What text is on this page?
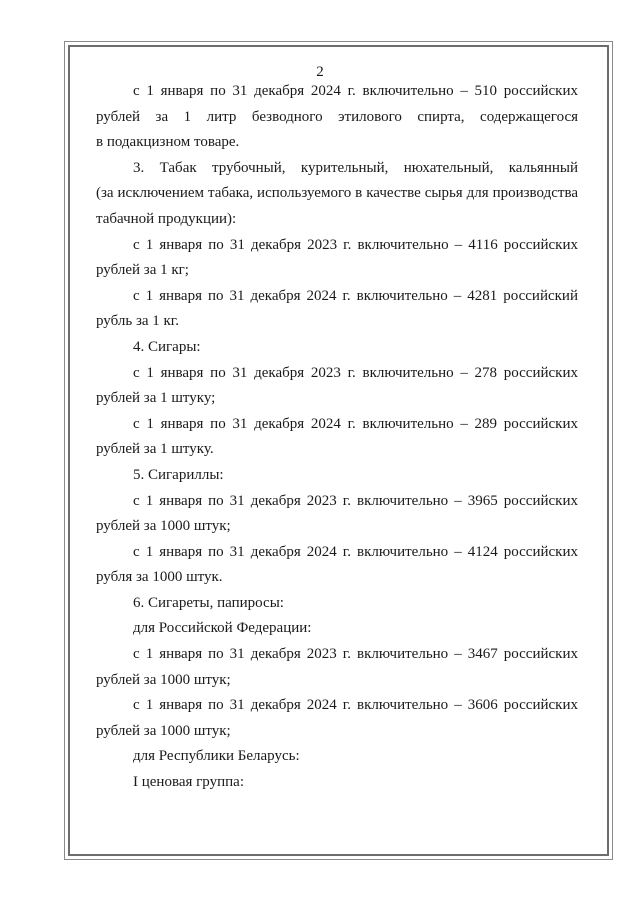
2
с 1 января по 31 декабря 2024 г. включительно – 510 российских
рублей за 1 литр безводного этилового спирта, содержащегося
в подакцизном товаре.
3. Табак трубочный, курительный, нюхательный, кальянный
(за исключением табака, используемого в качестве сырья для производства
табачной продукции):
с 1 января по 31 декабря 2023 г. включительно – 4116 российских
рублей за 1 кг;
с 1 января по 31 декабря 2024 г. включительно – 4281 российский
рубль за 1 кг.
4. Сигары:
с 1 января по 31 декабря 2023 г. включительно – 278 российских
рублей за 1 штуку;
с 1 января по 31 декабря 2024 г. включительно – 289 российских
рублей за 1 штуку.
5. Сигариллы:
с 1 января по 31 декабря 2023 г. включительно – 3965 российских
рублей за 1000 штук;
с 1 января по 31 декабря 2024 г. включительно – 4124 российских
рубля за 1000 штук.
6. Сигареты, папиросы:
для Российской Федерации:
с 1 января по 31 декабря 2023 г. включительно – 3467 российских
рублей за 1000 штук;
с 1 января по 31 декабря 2024 г. включительно – 3606 российских
рублей за 1000 штук;
для Республики Беларусь:
I ценовая группа:
